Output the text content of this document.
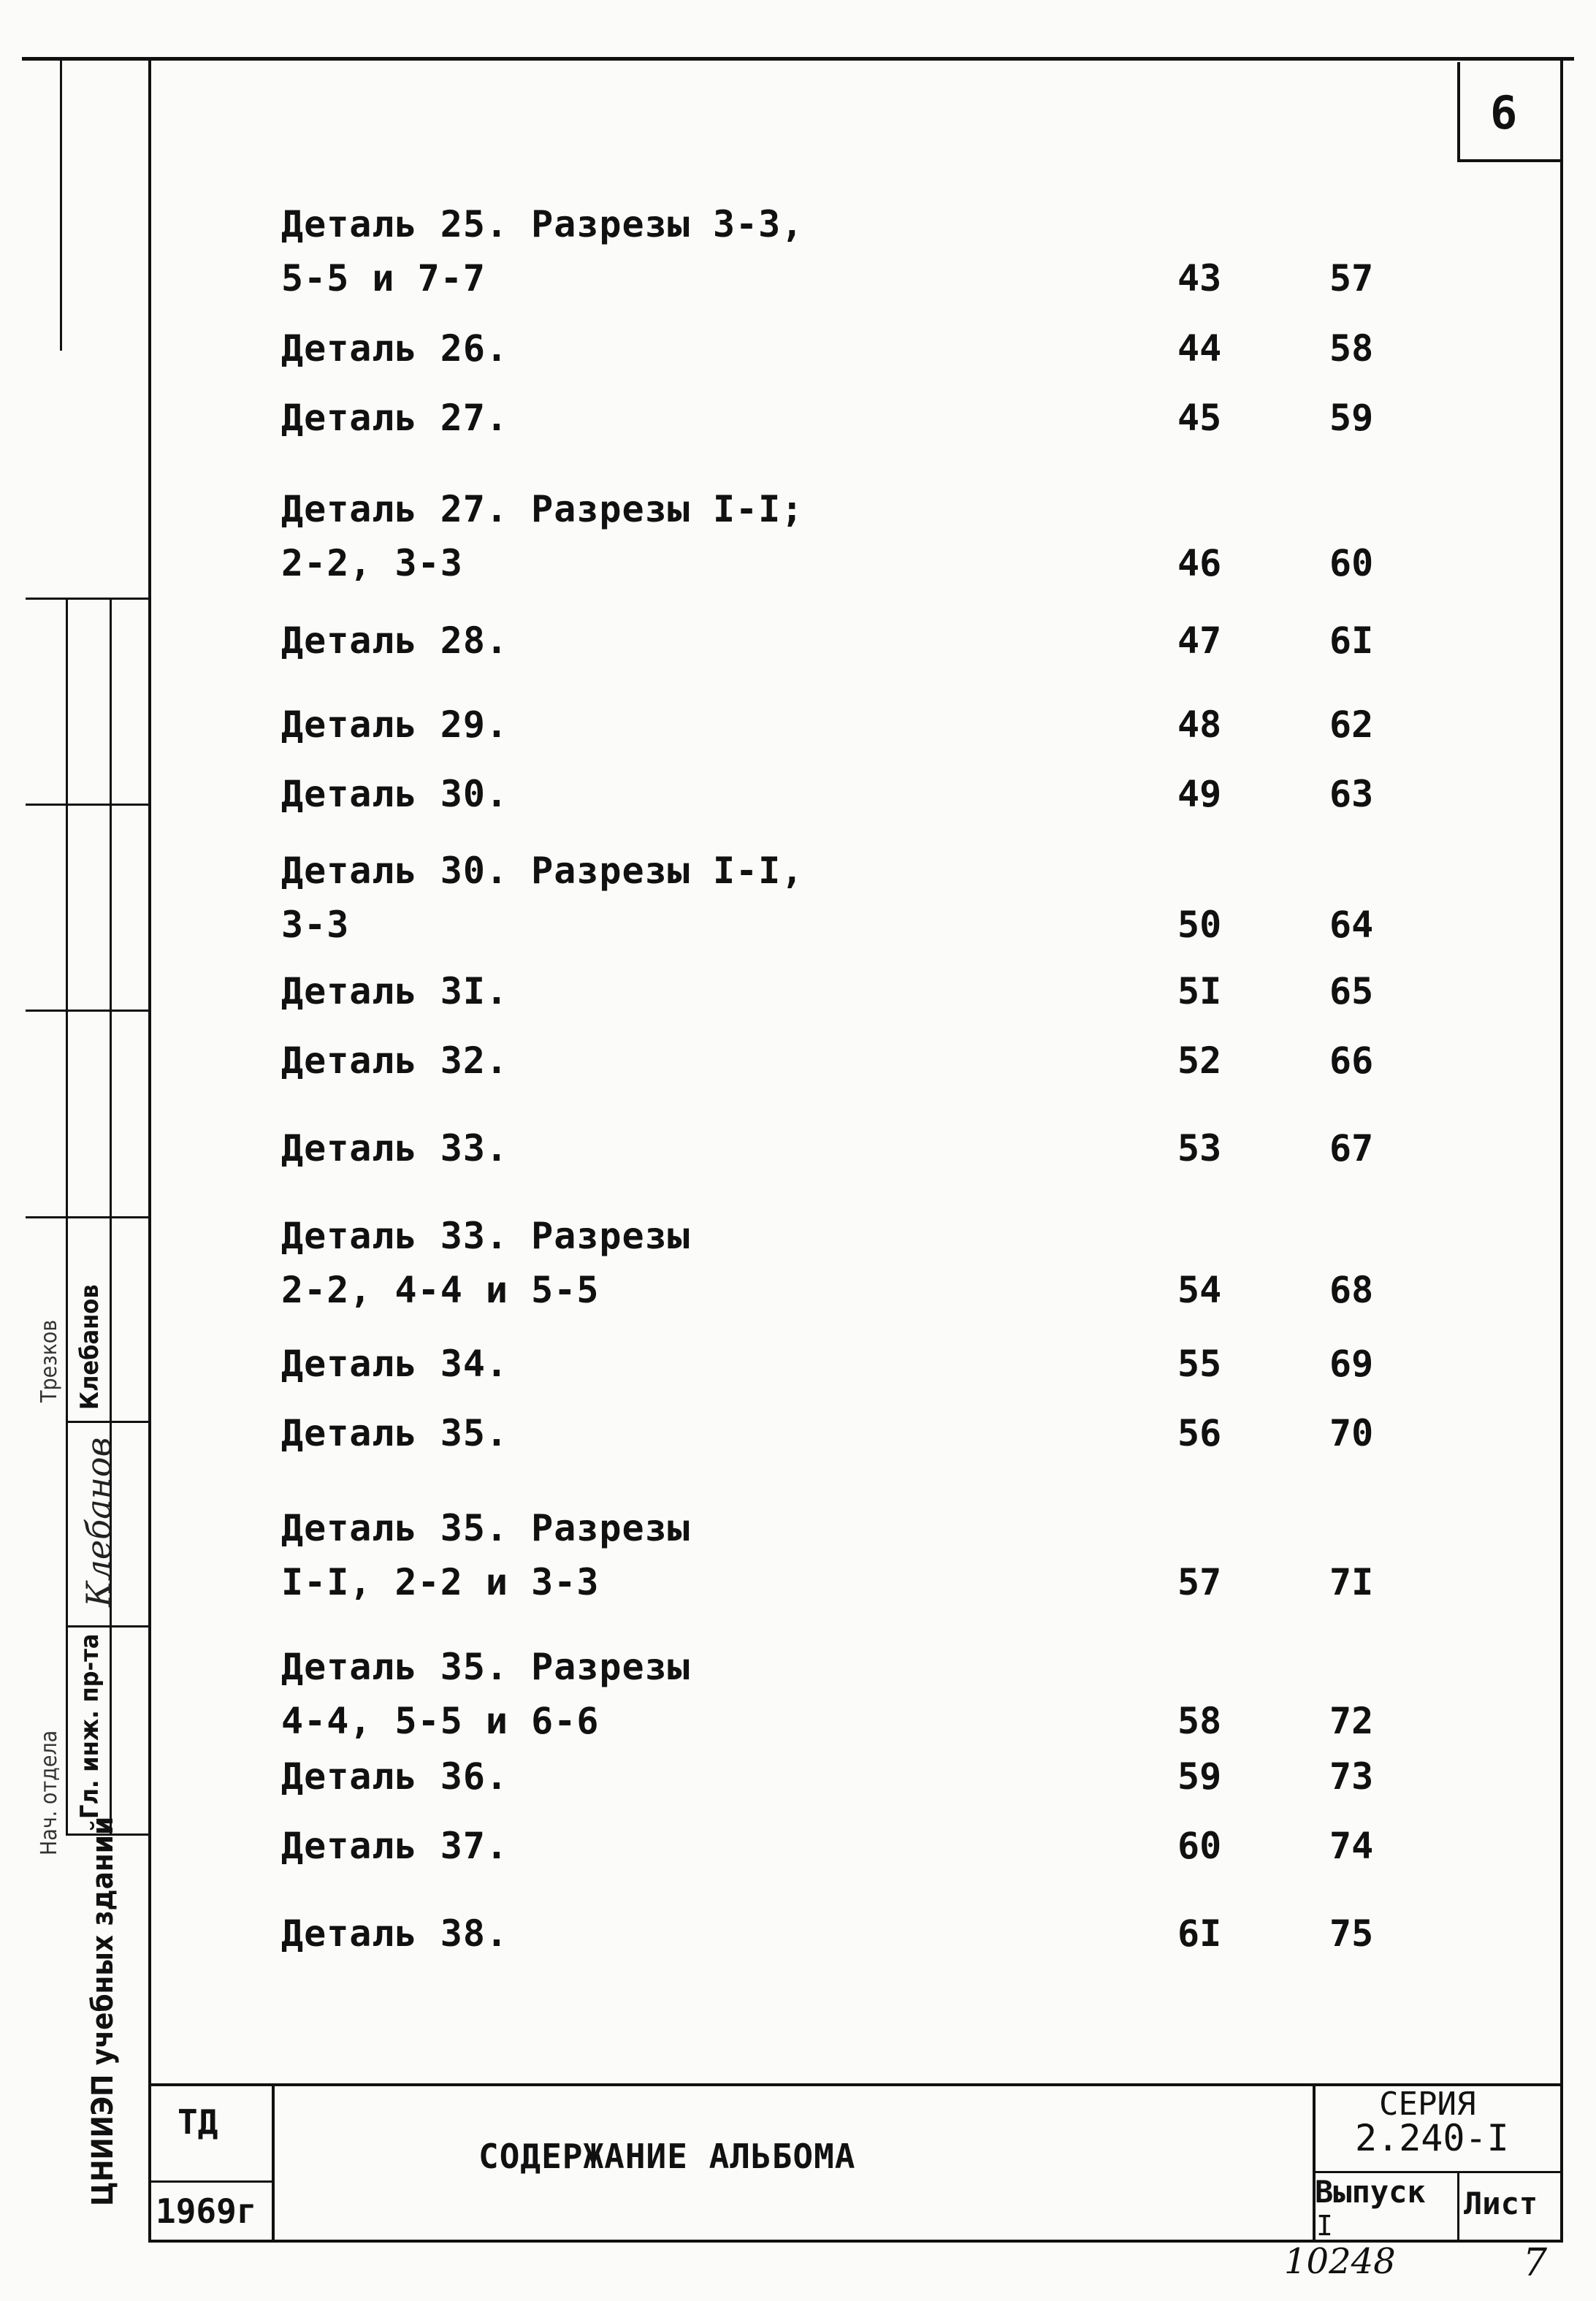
6
Деталь 25. Разрезы 3-3,
5-5 и 7-7	43	57
Деталь 26.	44	58
Деталь 27.	45	59
Деталь 27. Разрезы I-I;
2-2, 3-3	46	60
Деталь 28.	47	6I
Деталь 29.	48	62
Деталь 30.	49	63
Деталь 30. Разрезы I-I,
3-3	50	64
Деталь 3I.	5I	65
Деталь 32.	52	66
Деталь 33.	53	67
Деталь 33. Разрезы
2-2, 4-4 и 5-5	54	68
Деталь 34.	55	69
Деталь 35.	56	70
Деталь 35. Разрезы
I-I, 2-2 и 3-3	57	7I
Деталь 35. Разрезы
4-4, 5-5 и 6-6	58	72
Деталь 36.	59	73
Деталь 37.	60	74
Деталь 38.	6I	75
ТД
1969г
СОДЕРЖАНИЕ АЛЬБОМА
СЕРИЯ
2.240-I
Выпуск
I
Лист
10248	7
Трезков
Нач. отдела
Клебанов
Гл. инж. пр-та
Клебанов
ЦНИИЭП учебных зданий
